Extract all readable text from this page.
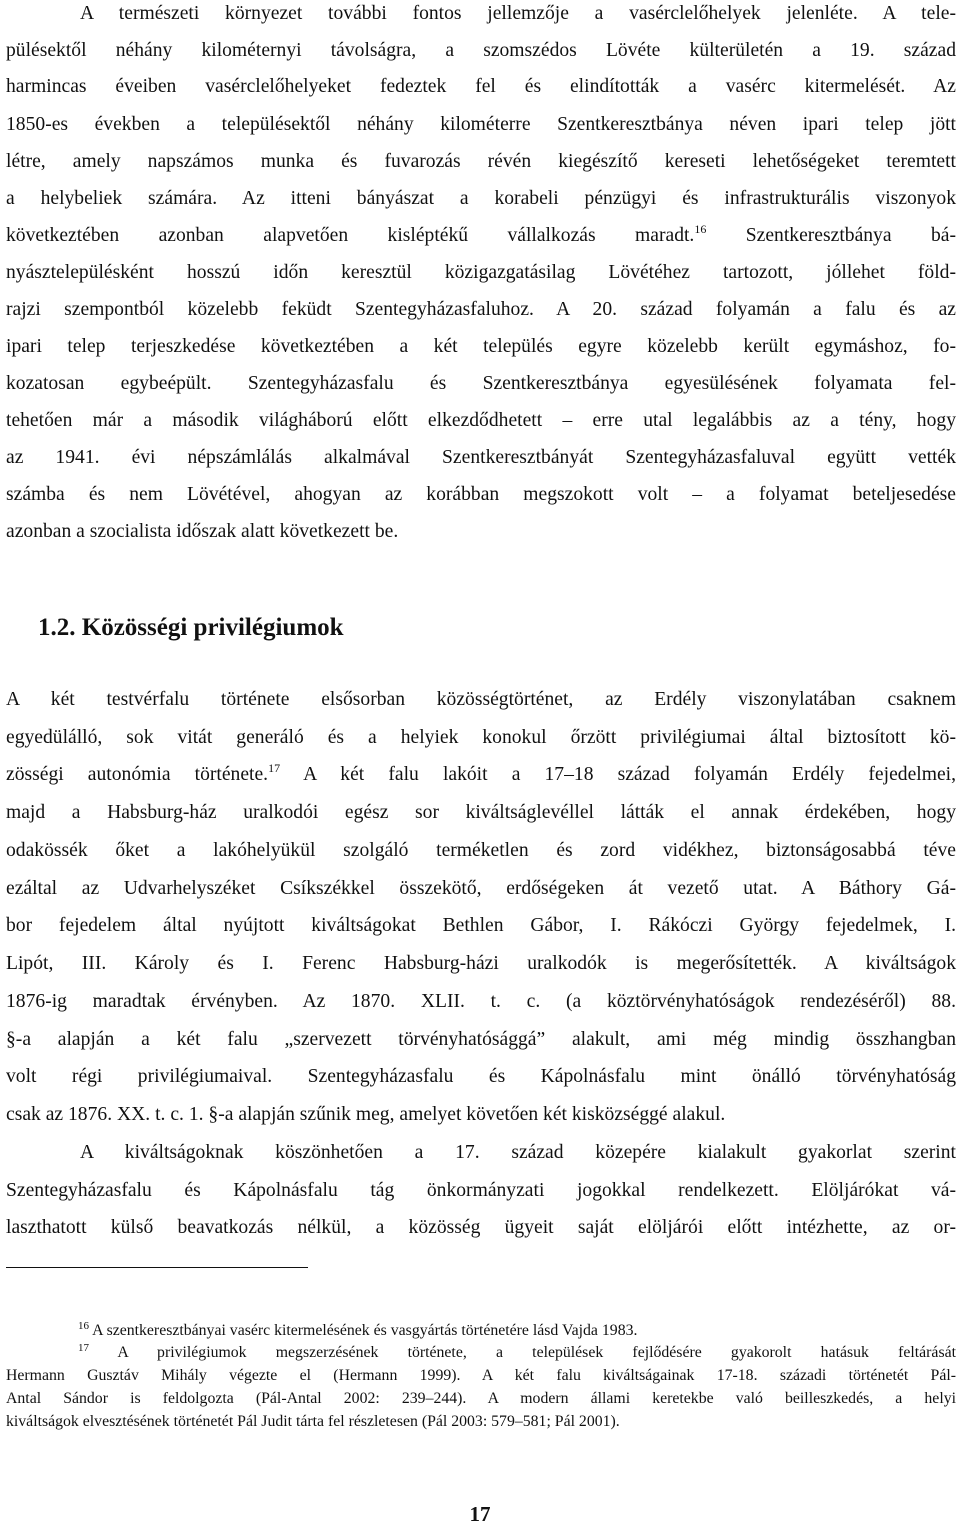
A természeti környezet további fontos jellemzője a vasérclelőhelyek jelenléte. A tele-
pülésektől néhány kilométernyi távolságra, a szomszédos Lövéte külterületén a 19. század
harmincas éveiben vasérclelőhelyeket fedeztek fel és elindították a vasérc kitermelését. Az
1850-es években a településektől néhány kilométerre Szentkeresztbánya néven ipari telep jött
létre, amely napszámos munka és fuvarozás révén kiegészítő kereseti lehetőségeket teremtett
a helybeliek számára. Az itteni bányászat a korabeli pénzügyi és infrastrukturális viszonyok
következtében azonban alapvetően kisléptékű vállalkozás maradt.$^{16}$ Szentkeresztbánya bá-
nyásztelepülésként hosszú időn keresztül közigazgatásilag Lövétéhez tartozott, jóllehet föld-
rajzi szempontból közelebb feküdt Szentegyházasfaluhoz. A 20. század folyamán a falu és az
ipari telep terjeszkedése következtében a két település egyre közelebb került egymáshoz, fo-
kozatosan egybeépült. Szentegyházasfalu és Szentkeresztbánya egyesülésének folyamata fel-
tehetően már a második világháború előtt elkezdődhetett – erre utal legalábbis az a tény, hogy
az 1941. évi népszámlálás alkalmával Szentkeresztbányát Szentegyházasfaluval együtt vették
számba és nem Lövétével, ahogyan az korábban megszokott volt – a folyamat beteljesedése
azonban a szocialista időszak alatt következett be.
1.2. Közösségi privilégiumok
A két testvérfalu története elsősorban közösségtörténet, az Erdély viszonylatában csaknem
egyedülálló, sok vitát generáló és a helyiek konokul őrzött privilégiumai által biztosított kö-
zösségi autonómia története.$^{17}$ A két falu lakóit a 17–18 század folyamán Erdély fejedelmei,
majd a Habsburg-ház uralkodói egész sor kiváltságlevéllel látták el annak érdekében, hogy
odakössék őket a lakóhelyükül szolgáló terméketlen és zord vidékhez, biztonságosabbá téve
ezáltal az Udvarhelyszéket Csíkszékkel összekötő, erdőségeken át vezető utat. A Báthory Gá-
bor fejedelem által nyújtott kiváltságokat Bethlen Gábor, I. Rákóczi György fejedelmek, I.
Lipót, III. Károly és I. Ferenc Habsburg-házi uralkodók is megerősítették. A kiváltságok
1876-ig maradtak érvényben. Az 1870. XLII. t. c. (a köztörvényhatóságok rendezéséről) 88.
§-a alapján a két falu „szervezett törvényhatósággá” alakult, ami még mindig összhangban
volt régi privilégiumaival. Szentegyházasfalu és Kápolnásfalu mint önálló törvényhatóság
csak az 1876. XX. t. c. 1. §-a alapján szűnik meg, amelyet követően két kisközséggé alakul.
A kiváltságoknak köszönhetően a 17. század közepére kialakult gyakorlat szerint
Szentegyházasfalu és Kápolnásfalu tág önkormányzati jogokkal rendelkezett. Elöljárókat vá-
laszthatott külső beavatkozás nélkül, a közösség ügyeit saját elöljárói előtt intézhette, az or-
$^{16}$ A szentkeresztbányai vasérc kitermelésének és vasgyártás történetére lásd Vajda 1983.
$^{17}$ A privilégiumok megszerzésének története, a települések fejlődésére gyakorolt hatásuk feltárását
Hermann Gusztáv Mihály végezte el (Hermann 1999). A két falu kiváltságainak 17-18. századi történetét Pál-
Antal Sándor is feldolgozta (Pál-Antal 2002: 239–244). A modern állami keretekbe való beilleszkedés, a helyi
kiváltságok elvesztésének történetét Pál Judit tárta fel részletesen (Pál 2003: 579–581; Pál 2001).
17
